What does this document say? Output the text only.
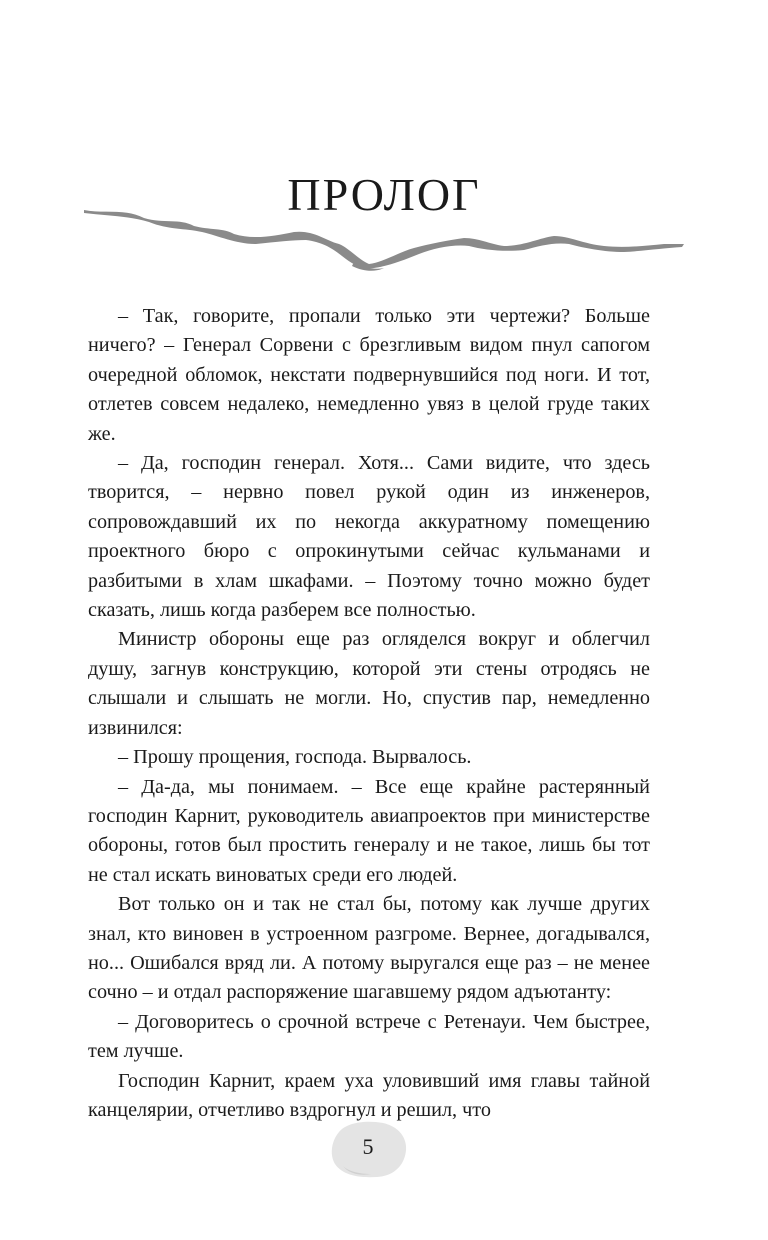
ПРОЛОГ

– Так, говорите, пропали только эти чертежи? Больше ничего? – Генерал Сорвени с брезгливым видом пнул сапогом очередной обломок, некстати подвернувшийся под ноги. И тот, отлетев совсем недалеко, немедленно увяз в целой груде таких же.

– Да, господин генерал. Хотя... Сами видите, что здесь творится, – нервно повел рукой один из инженеров, сопровождавший их по некогда аккуратному помещению проектного бюро с опрокинутыми сейчас кульманами и разбитыми в хлам шкафами. – Поэтому точно можно будет сказать, лишь когда разберем все полностью.

Министр обороны еще раз огляделся вокруг и облегчил душу, загнув конструкцию, которой эти стены отродясь не слышали и слышать не могли. Но, спустив пар, немедленно извинился:

– Прошу прощения, господа. Вырвалось.

– Да-да, мы понимаем. – Все еще крайне растерянный господин Карнит, руководитель авиапроектов при министерстве обороны, готов был простить генералу и не такое, лишь бы тот не стал искать виноватых среди его людей.

Вот только он и так не стал бы, потому как лучше других знал, кто виновен в устроенном разгроме. Вернее, догадывался, но... Ошибался вряд ли. А потому выругался еще раз – не менее сочно – и отдал распоряжение шагавшему рядом адъютанту:

– Договоритесь о срочной встрече с Ретенауи. Чем быстрее, тем лучше.

Господин Карнит, краем уха уловивший имя главы тайной канцелярии, отчетливо вздрогнул и решил, что

5
